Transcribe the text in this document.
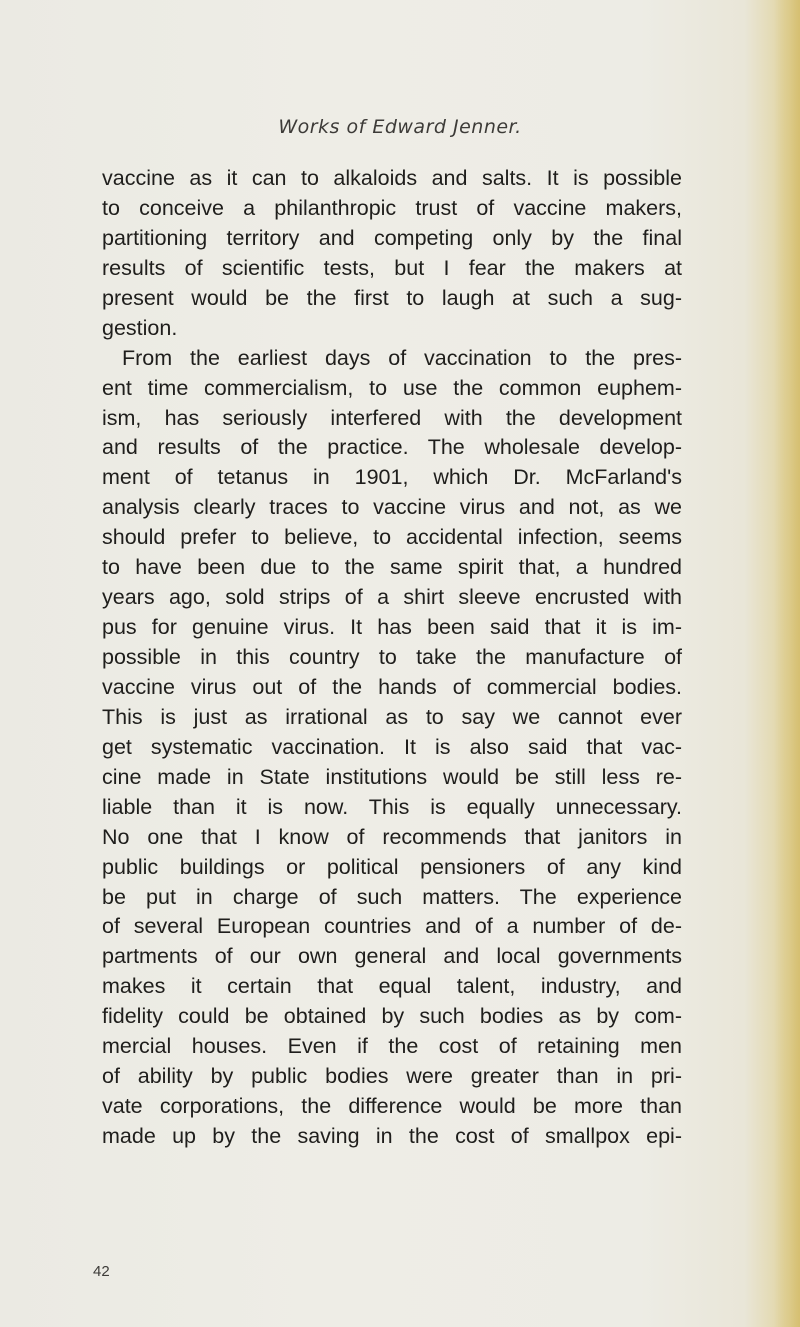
Works of Edward Jenner.
vaccine as it can to alkaloids and salts. It is possible
to conceive a philanthropic trust of vaccine makers,
partitioning territory and competing only by the final
results of scientific tests, but I fear the makers at
present would be the first to laugh at such a sug-
gestion.
From the earliest days of vaccination to the pres-
ent time commercialism, to use the common euphem-
ism, has seriously interfered with the development
and results of the practice. The wholesale develop-
ment of tetanus in 1901, which Dr. McFarland's
analysis clearly traces to vaccine virus and not, as we
should prefer to believe, to accidental infection, seems
to have been due to the same spirit that, a hundred
years ago, sold strips of a shirt sleeve encrusted with
pus for genuine virus. It has been said that it is im-
possible in this country to take the manufacture of
vaccine virus out of the hands of commercial bodies.
This is just as irrational as to say we cannot ever
get systematic vaccination. It is also said that vac-
cine made in State institutions would be still less re-
liable than it is now. This is equally unnecessary.
No one that I know of recommends that janitors in
public buildings or political pensioners of any kind
be put in charge of such matters. The experience
of several European countries and of a number of de-
partments of our own general and local governments
makes it certain that equal talent, industry, and
fidelity could be obtained by such bodies as by com-
mercial houses. Even if the cost of retaining men
of ability by public bodies were greater than in pri-
vate corporations, the difference would be more than
made up by the saving in the cost of smallpox epi-
42
